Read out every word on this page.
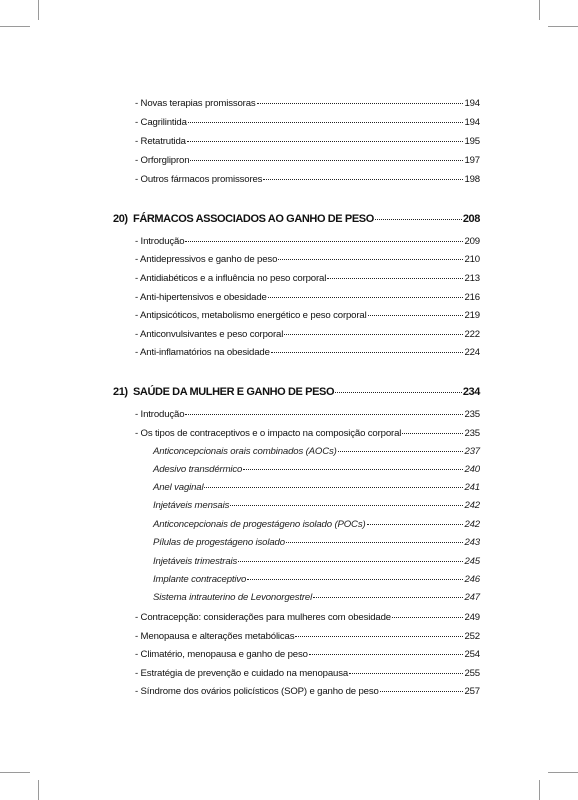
- Novas terapias promissoras	194
- Cagrilintida	194
- Retatrutida	195
- Orforglipron	197
- Outros fármacos promissores	198
20) FÁRMACOS ASSOCIADOS AO GANHO DE PESO	208
- Introdução	209
- Antidepressivos e ganho de peso	210
- Antidiabéticos e a influência no peso corporal	213
- Anti-hipertensivos e obesidade	216
- Antipsicóticos, metabolismo energético e peso corporal	219
- Anticonvulsivantes e peso corporal	222
- Anti-inflamatórios na obesidade	224
21) SAÚDE DA MULHER E GANHO DE PESO	234
- Introdução	235
- Os tipos de contraceptivos e o impacto na composição corporal	235
Anticoncepcionais orais combinados (AOCs)	237
Adesivo transdérmico	240
Anel vaginal	241
Injetáveis mensais	242
Anticoncepcionais de progestágeno isolado (POCs)	242
Pílulas de progestágeno isolado	243
Injetáveis trimestrais	245
Implante contraceptivo	246
Sistema intrauterino de Levonorgestrel	247
- Contracepção: considerações para mulheres com obesidade	249
- Menopausa e alterações metabólicas	252
- Climatério, menopausa e ganho de peso	254
- Estratégia de prevenção e cuidado na menopausa	255
- Síndrome dos ovários policísticos (SOP) e ganho de peso	257
